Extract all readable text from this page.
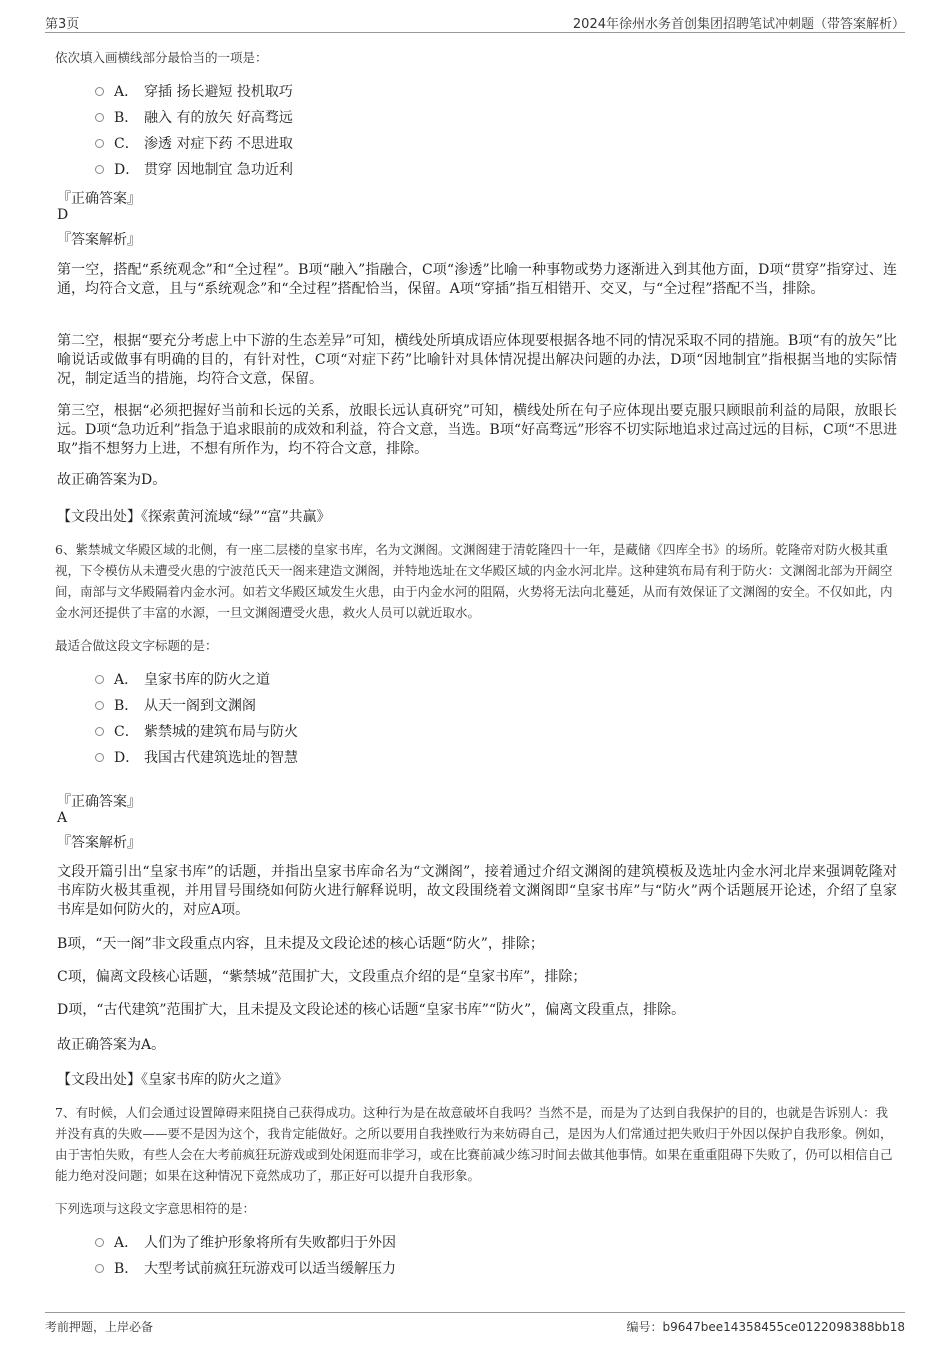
第3页	2024年徐州水务首创集团招聘笔试冲刺题（带答案解析）
依次填入画横线部分最恰当的一项是：
A． 穿插 扬长避短 投机取巧
B． 融入 有的放矢 好高骛远
C． 渗透 对症下药 不思进取
D． 贯穿 因地制宜 急功近利
『正确答案』
D
『答案解析』
第一空，搭配“系统观念”和“全过程”。B项“融入”指融合，C项“渗透”比喻一种事物或势力逐渐进入到其他方面，D项“贯穿”指穿过、连通，均符合文意，且与“系统观念”和“全过程”搭配恰当，保留。A项“穿插”指互相错开、交叉，与“全过程”搭配不当，排除。
第二空，根据“要充分考虑上中下游的生态差异”可知，横线处所填成语应体现要根据各地不同的情况采取不同的措施。B项“有的放矢”比喻说话或做事有明确的目的，有针对性，C项“对症下药”比喻针对具体情况提出解决问题的办法，D项“因地制宜”指根据当地的实际情况，制定适当的措施，均符合文意，保留。
第三空，根据“必须把握好当前和长远的关系，放眼长远认真研究”可知，横线处所在句子应体现出要克服只顾眼前利益的局限，放眼长远。D项“急功近利”指急于追求眼前的成效和利益，符合文意，当选。B项“好高骛远”形容不切实际地追求过高过远的目标，C项“不思进取”指不想努力上进，不想有所作为，均不符合文意，排除。
故正确答案为D。
【文段出处】《探索黄河流域“绿”“富”共赢》
6、紫禁城文华殿区域的北侧，有一座二层楼的皇家书库，名为文渊阁。文渊阁建于清乾隆四十一年，是藏储《四库全书》的场所。乾隆帝对防火极其重视，下令模仿从未遭受火患的宁波范氏天一阁来建造文渊阁，并特地选址在文华殿区域的内金水河北岸。这种建筑布局有利于防火：文渊阁北部为开阔空间，南部与文华殿隔着内金水河。如若文华殿区域发生火患，由于内金水河的阻隔，火势将无法向北蔓延，从而有效保证了文渊阁的安全。不仅如此，内金水河还提供了丰富的水源，一旦文渊阁遭受火患，救火人员可以就近取水。
最适合做这段文字标题的是：
A． 皇家书库的防火之道
B． 从天一阁到文渊阁
C． 紫禁城的建筑布局与防火
D． 我国古代建筑选址的智慧
『正确答案』
A
『答案解析』
文段开篇引出“皇家书库”的话题，并指出皇家书库命名为“文渊阁”，接着通过介绍文渊阁的建筑模板及选址内金水河北岸来强调乾隆对书库防火极其重视，并用冒号围绕如何防火进行解释说明，故文段围绕着文渊阁即“皇家书库”与“防火”两个话题展开论述，介绍了皇家书库是如何防火的，对应A项。
B项，“天一阁”非文段重点内容，且未提及文段论述的核心话题“防火”，排除；
C项，偏离文段核心话题，“紫禁城”范围扩大，文段重点介绍的是“皇家书库”，排除；
D项，“古代建筑”范围扩大，且未提及文段论述的核心话题“皇家书库”“防火”，偏离文段重点，排除。
故正确答案为A。
【文段出处】《皇家书库的防火之道》
7、有时候，人们会通过设置障碍来阻挠自己获得成功。这种行为是在故意破坏自我吗？当然不是，而是为了达到自我保护的目的，也就是告诉别人：我并没有真的失败——要不是因为这个，我肯定能做好。之所以要用自我挫败行为来妨碍自己，是因为人们常通过把失败归于外因以保护自我形象。例如，由于害怕失败，有些人会在大考前疯狂玩游戏或到处闲逛而非学习，或在比赛前减少练习时间去做其他事情。如果在重重阻碍下失败了，仍可以相信自己能力绝对没问题；如果在这种情况下竟然成功了，那正好可以提升自我形象。
下列选项与这段文字意思相符的是：
A． 人们为了维护形象将所有失败都归于外因
B． 大型考试前疯狂玩游戏可以适当缓解压力
考前押题，上岸必备	编号：b9647bee14358455ce0122098388bb18
